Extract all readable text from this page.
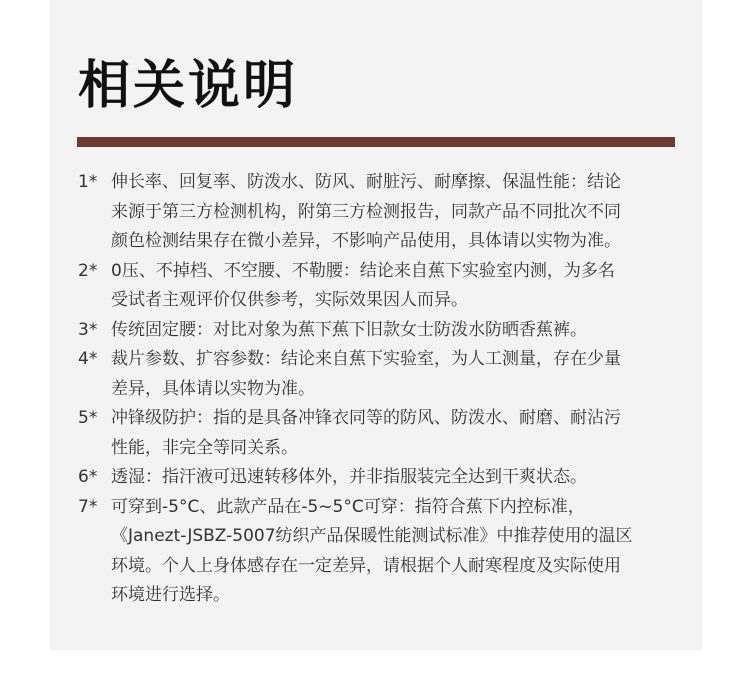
相关说明
1* 伸长率、回复率、防泼水、防风、耐脏污、耐摩擦、保温性能：结论
来源于第三方检测机构，附第三方检测报告，同款产品不同批次不同
颜色检测结果存在微小差异，不影响产品使用，具体请以实物为准。
2* 0压、不掉档、不空腰、不勒腰：结论来自蕉下实验室内测，为多名
受试者主观评价仅供参考，实际效果因人而异。
3* 传统固定腰：对比对象为蕉下蕉下旧款女士防泼水防晒香蕉裤。
4* 裁片参数、扩容参数：结论来自蕉下实验室，为人工测量，存在少量
差异，具体请以实物为准。
5* 冲锋级防护：指的是具备冲锋衣同等的防风、防泼水、耐磨、耐沾污
性能，非完全等同关系。
6* 透湿：指汗液可迅速转移体外，并非指服装完全达到干爽状态。
7* 可穿到-5°C、此款产品在-5~5°C可穿：指符合蕉下内控标准，
《Janezt-JSBZ-5007纺织产品保暖性能测试标准》中推荐使用的温区
环境。个人上身体感存在一定差异，请根据个人耐寒程度及实际使用
环境进行选择。
